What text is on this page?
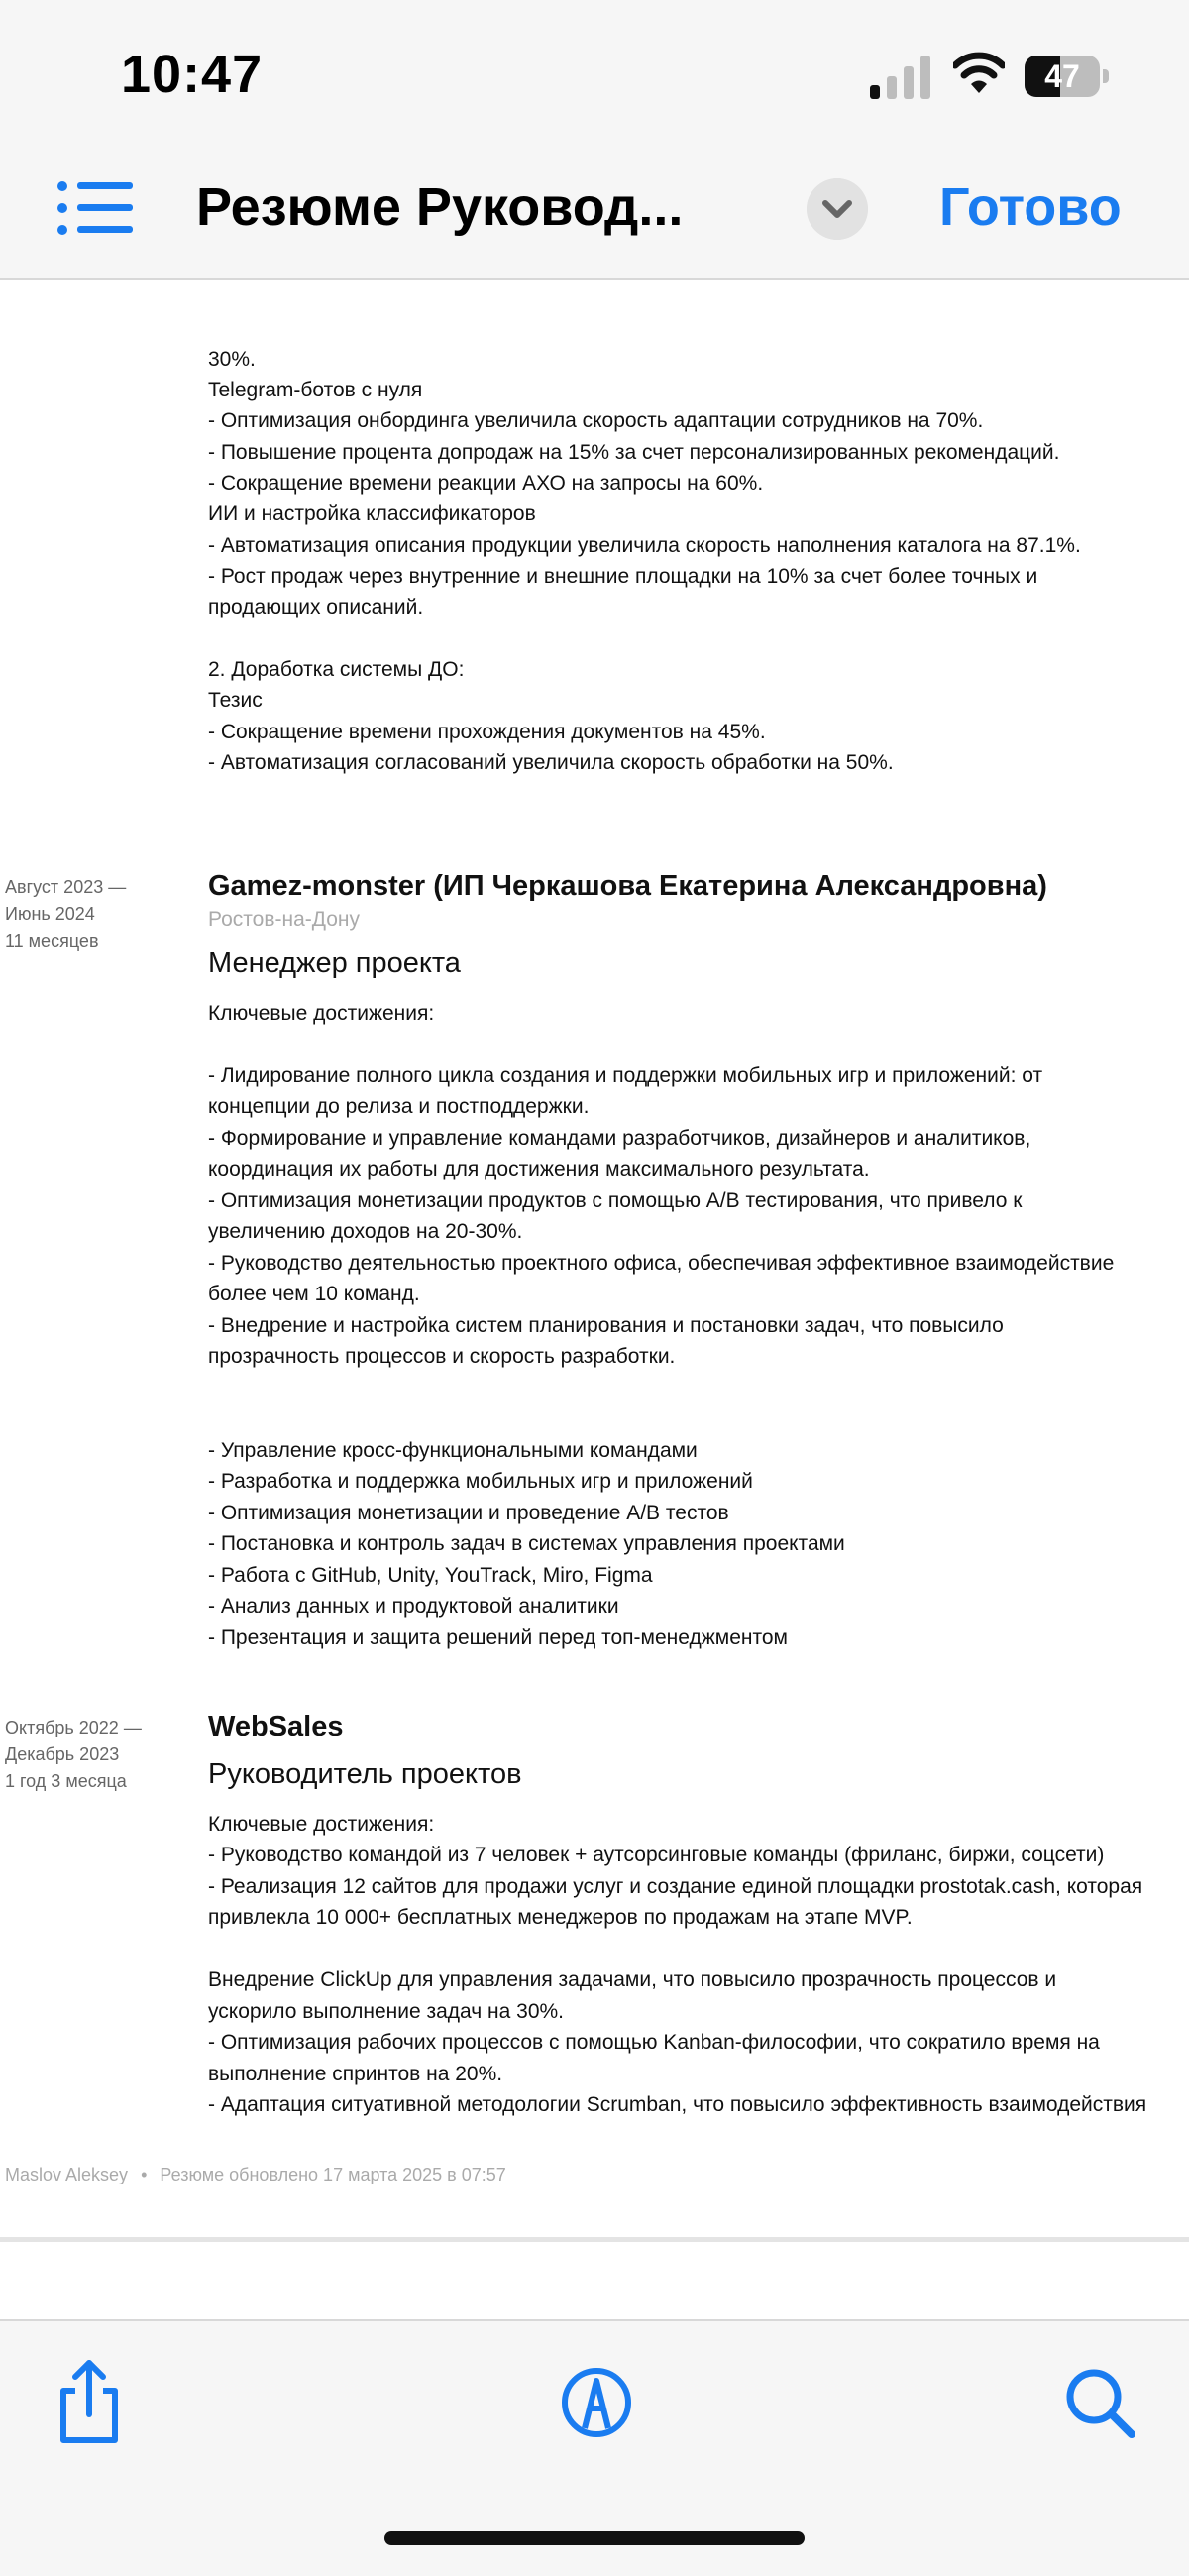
10:47	47
Резюме Руковод...	Готово
30%.
Telegram-ботов с нуля
- Оптимизация онбординга увеличила скорость адаптации сотрудников на 70%.
- Повышение процента допродаж на 15% за счет персонализированных рекомендаций.
- Сокращение времени реакции АХО на запросы на 60%.
ИИ и настройка классификаторов
- Автоматизация описания продукции увеличила скорость наполнения каталога на 87.1%.
- Рост продаж через внутренние и внешние площадки на 10% за счет более точных и
продающих описаний.
2. Доработка системы ДО:
Тезис
- Сокращение времени прохождения документов на 45%.
- Автоматизация согласований увеличила скорость обработки на 50%.
Август 2023 —
Июнь 2024
11 месяцев
Gamez-monster (ИП Черкашова Екатерина Александровна)
Ростов-на-Дону
Менеджер проекта
Ключевые достижения:
- Лидирование полного цикла создания и поддержки мобильных игр и приложений: от
концепции до релиза и постподдержки.
- Формирование и управление командами разработчиков, дизайнеров и аналитиков,
координация их работы для достижения максимального результата.
- Оптимизация монетизации продуктов с помощью A/B тестирования, что привело к
увеличению доходов на 20-30%.
- Руководство деятельностью проектного офиса, обеспечивая эффективное взаимодействие
более чем 10 команд.
- Внедрение и настройка систем планирования и постановки задач, что повысило
прозрачность процессов и скорость разработки.
- Управление кросс-функциональными командами
- Разработка и поддержка мобильных игр и приложений
- Оптимизация монетизации и проведение A/B тестов
- Постановка и контроль задач в системах управления проектами
- Работа с GitHub, Unity, YouTrack, Miro, Figma
- Анализ данных и продуктовой аналитики
- Презентация и защита решений перед топ-менеджментом
Октябрь 2022 —
Декабрь 2023
1 год 3 месяца
WebSales
Руководитель проектов
Ключевые достижения:
- Руководство командой из 7 человек + аутсорсинговые команды (фриланс, биржи, соцсети)
- Реализация 12 сайтов для продажи услуг и создание единой площадки prostotak.cash, которая
привлекла 10 000+ бесплатных менеджеров по продажам на этапе MVP.
Внедрение ClickUp для управления задачами, что повысило прозрачность процессов и
ускорило выполнение задач на 30%.
- Оптимизация рабочих процессов с помощью Kanban-философии, что сократило время на
выполнение спринтов на 20%.
- Адаптация ситуативной методологии Scrumban, что повысило эффективность взаимодействия
Maslov Aleksey • Резюме обновлено 17 марта 2025 в 07:57
